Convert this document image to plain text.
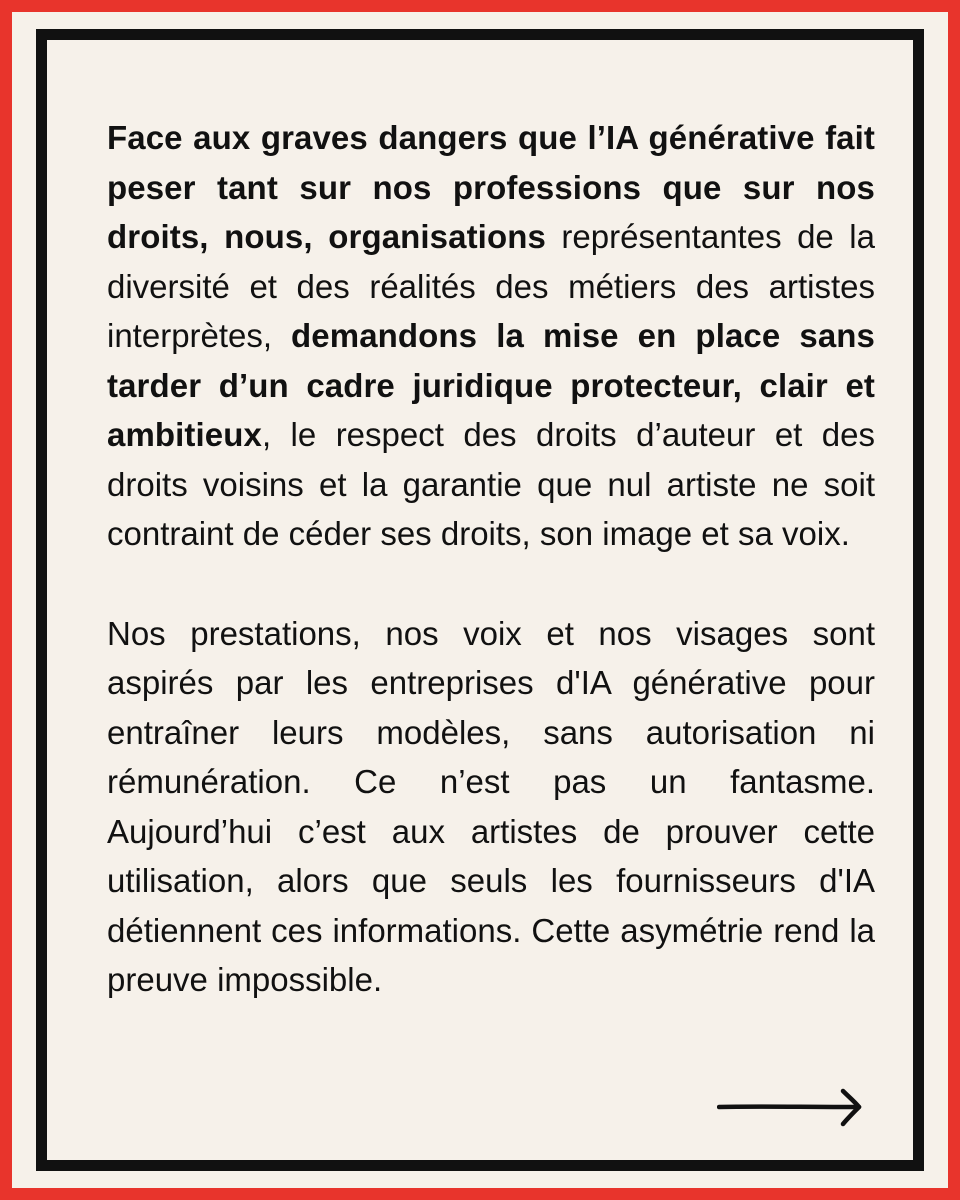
Face aux graves dangers que l’IA générative fait peser tant sur nos professions que sur nos droits, nous, organisations représentantes de la diversité et des réalités des métiers des artistes interprètes, demandons la mise en place sans tarder d’un cadre juridique protecteur, clair et ambitieux, le respect des droits d’auteur et des droits voisins et la garantie que nul artiste ne soit contraint de céder ses droits, son image et sa voix.

Nos prestations, nos voix et nos visages sont aspirés par les entreprises d'IA générative pour entraîner leurs modèles, sans autorisation ni rémunération. Ce n’est pas un fantasme. Aujourd’hui c’est aux artistes de prouver cette utilisation, alors que seuls les fournisseurs d'IA détiennent ces informations. Cette asymétrie rend la preuve impossible.
